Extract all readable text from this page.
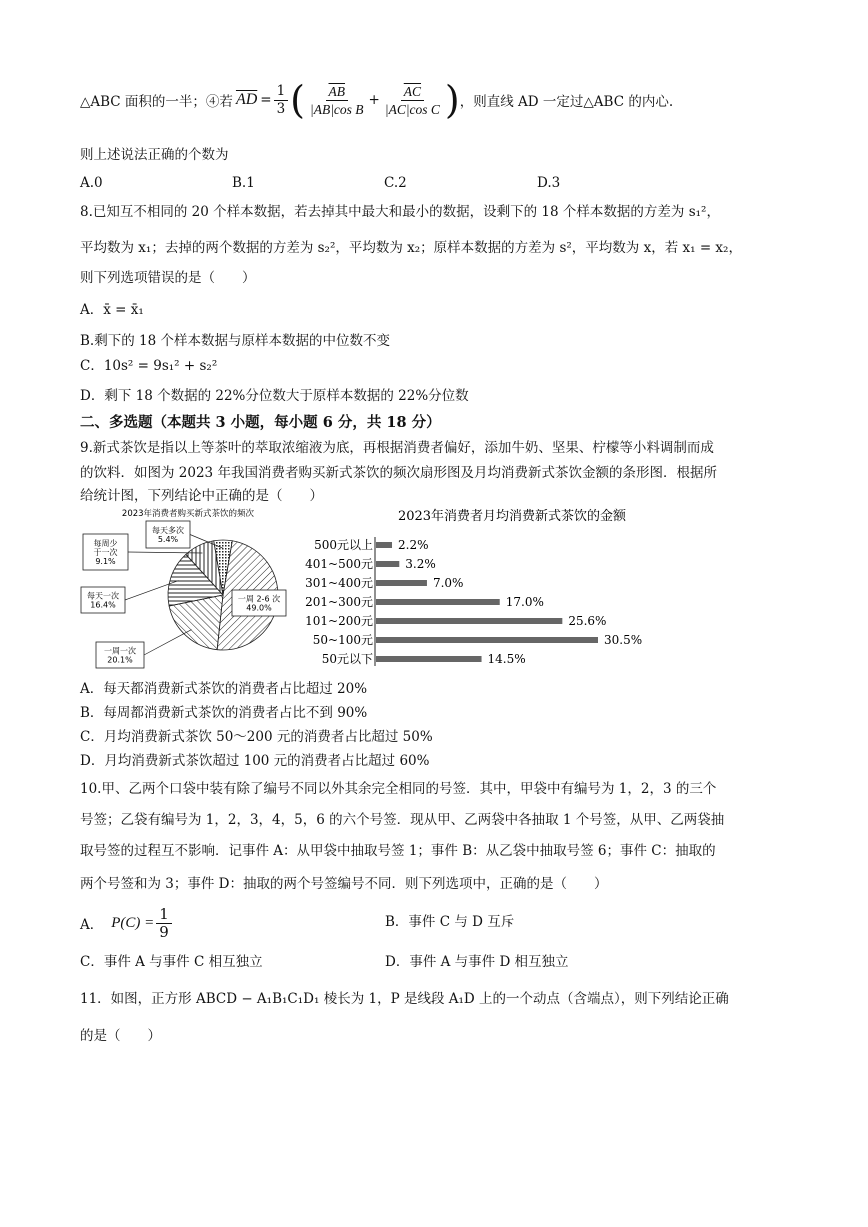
△ABC 面积的一半；④若 $\overline{AD} = \frac{1}{3}$ ( $\frac{\overline{AB}}{\text{|AB|cos B}} + \frac{\overline{AC}}{\text{|AC|cos C}}$ ) ，则直线 AD 一定过△ABC 的内心.
则上述说法正确的个数为
A.0	B.1	C.2	D.3
8.已知互不相同的 20 个样本数据，若去掉其中最大和最小的数据，设剩下的 18 个样本数据的方差为 s₁²，
平均数为 x₁；去掉的两个数据的方差为 s₂²，平均数为 x₂；原样本数据的方差为 s²，平均数为 x，若 x₁ = x₂，
则下列选项错误的是（　　）
A．x̄ = x̄₁
B.剩下的 18 个样本数据与原样本数据的中位数不变
C．10s² = 9s₁² + s₂²
D．剩下 18 个数据的 22%分位数大于原样本数据的 22%分位数
二、多选题（本题共 3 小题，每小题 6 分，共 18 分）
9.新式茶饮是指以上等茶叶的萃取浓缩液为底，再根据消费者偏好，添加牛奶、坚果、柠檬等小料调制而成
的饮料．如图为 2023 年我国消费者购买新式茶饮的频次扇形图及月均消费新式茶饮金额的条形图．根据所
给统计图，下列结论中正确的是（　　）
2023年消费者购买新式茶饮的频次
一周 2-6 次
49.0%
一周一次
20.1%
每天一次
16.4%
每周少
于一次
9.1%
每天多次
5.4%
2023年消费者月均消费新式茶饮的金额
500元以上 2.2%
401~500元	3.2%
301~400元	7.0%
201~300元	17.0%
101~200元	25.6%
50~100元	30.5%
50元以下	14.5%
A．每天都消费新式茶饮的消费者占比超过 20%
B．每周都消费新式茶饮的消费者占比不到 90%
C．月均消费新式茶饮 50～200 元的消费者占比超过 50%
D．月均消费新式茶饮超过 100 元的消费者占比超过 60%
10.甲、乙两个口袋中装有除了编号不同以外其余完全相同的号签．其中，甲袋中有编号为 1，2，3 的三个
号签；乙袋有编号为 1，2，3，4，5，6 的六个号签．现从甲、乙两袋中各抽取 1 个号签，从甲、乙两袋抽
取号签的过程互不影响．记事件 A：从甲袋中抽取号签 1；事件 B：从乙袋中抽取号签 6；事件 C：抽取的
两个号签和为 3；事件 D：抽取的两个号签编号不同．则下列选项中，正确的是（　　）
A． $P(C) = \frac{1}{9}$	B．事件 C 与 D 互斥
C．事件 A 与事件 C 相互独立	D．事件 A 与事件 D 相互独立
11．如图，正方形 ABCD − A₁B₁C₁D₁ 棱长为 1，P 是线段 A₁D 上的一个动点（含端点），则下列结论正确
的是（　　）
